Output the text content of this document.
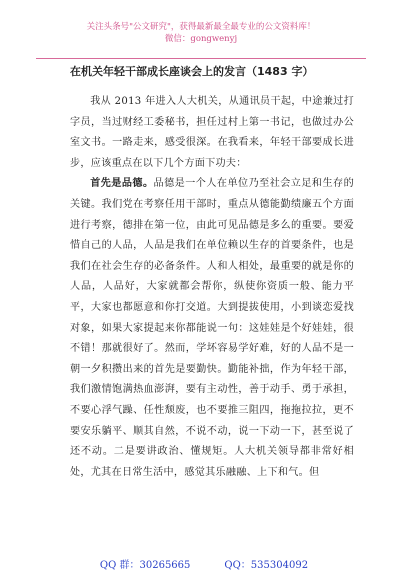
关注头条号"公文研究"，获得最新最全最专业的公文资料库！
微信：gongwenyj
在机关年轻干部成长座谈会上的发言（1483 字）

我从 2013 年进入人大机关，从通讯员干起，中途兼过打字员，当过财经工委秘书，担任过村上第一书记，也做过办公室文书。一路走来，感受很深。在我看来，年轻干部要成长进步，应该重点在以下几个方面下功夫：

首先是品德。品德是一个人在单位乃至社会立足和生存的关键。我们党在考察任用干部时，重点从德能勤绩廉五个方面进行考察，德排在第一位，由此可见品德是多么的重要。要爱惜自己的人品，人品是我们在单位赖以生存的首要条件，也是我们在社会生存的必备条件。人和人相处，最重要的就是你的人品，人品好，大家就都会帮你，纵使你资质一般、能力平平，大家也都愿意和你打交道。大到提拔使用，小到谈恋爱找对象，如果大家提起来你都能说一句：这娃娃是个好娃娃，很不错！那就很好了。然而，学坏容易学好难，好的人品不是一朝一夕积攒出来的首先是要勤快。勤能补拙，作为年轻干部，我们激情饱满热血澎湃，要有主动性，善于动手、勇于承担，不要心浮气躁、任性颓废，也不要推三阻四，拖拖拉拉，更不要安乐躺平、顺其自然，不说不动，说一下动一下，甚至说了还不动。二是要讲政治、懂规矩。人大机关领导都非常好相处，尤其在日常生活中，感觉其乐融融、上下和气。但

QQ 群：30265665	QQ：535304092
